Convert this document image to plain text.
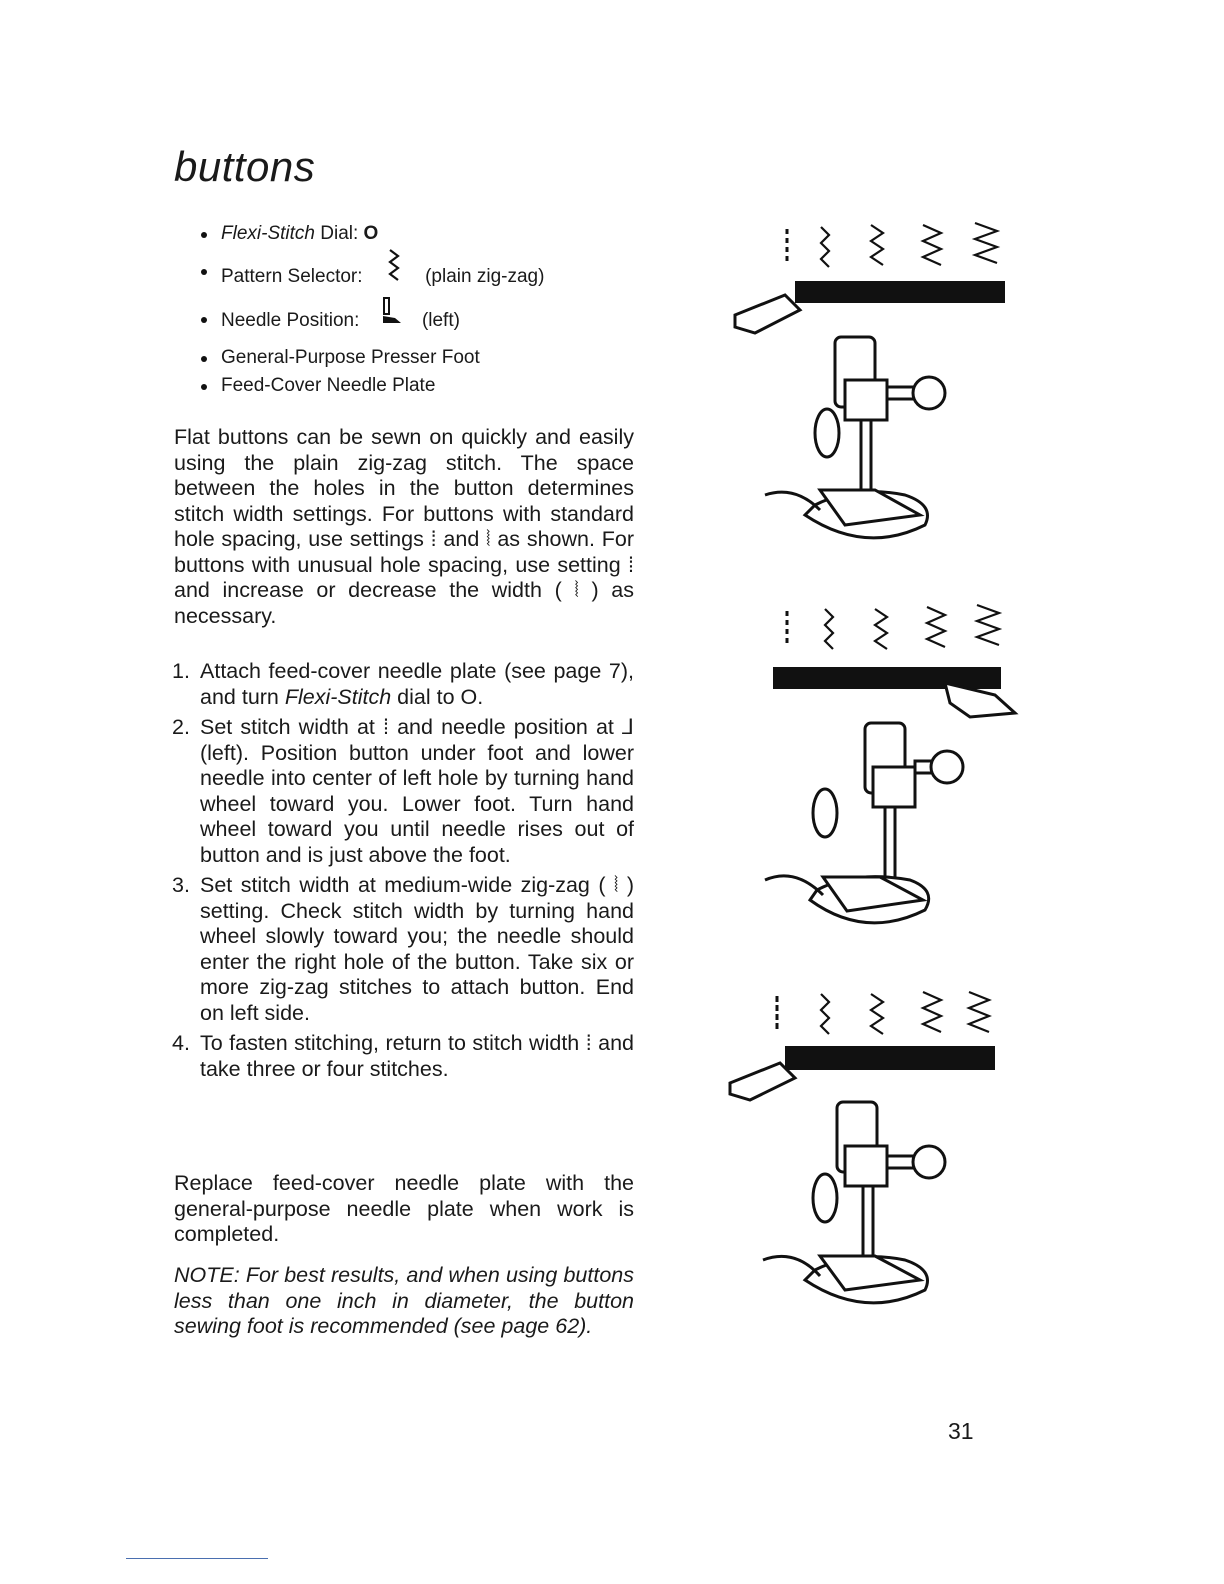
buttons
Flexi-Stitch Dial: O
Pattern Selector:	(plain zig-zag)
Needle Position:	(left)
General-Purpose Presser Foot
Feed-Cover Needle Plate

Flat buttons can be sewn on quickly and easily using the plain zig-zag stitch. The space between the holes in the button determines stitch width settings. For buttons with standard hole spacing, use settings ⁞ and ⦚ as shown. For buttons with unusual hole spacing, use setting ⁞ and increase or decrease the width ( ⦚ ) as necessary.

1. Attach feed-cover needle plate (see page 7), and turn Flexi-Stitch dial to O.
2. Set stitch width at ⁞ and needle position at ⅃ (left). Position button under foot and lower needle into center of left hole by turning hand wheel toward you. Lower foot. Turn hand wheel toward you until needle rises out of button and is just above the foot.
3. Set stitch width at medium-wide zig-zag ( ⦚ ) setting. Check stitch width by turning hand wheel slowly toward you; the needle should enter the right hole of the button. Take six or more zig-zag stitches to attach button. End on left side.
4. To fasten stitching, return to stitch width ⁞ and take three or four stitches.

Replace feed-cover needle plate with the general-purpose needle plate when work is completed.

NOTE: For best results, and when using buttons less than one inch in diameter, the button sewing foot is recommended (see page 62).

31
